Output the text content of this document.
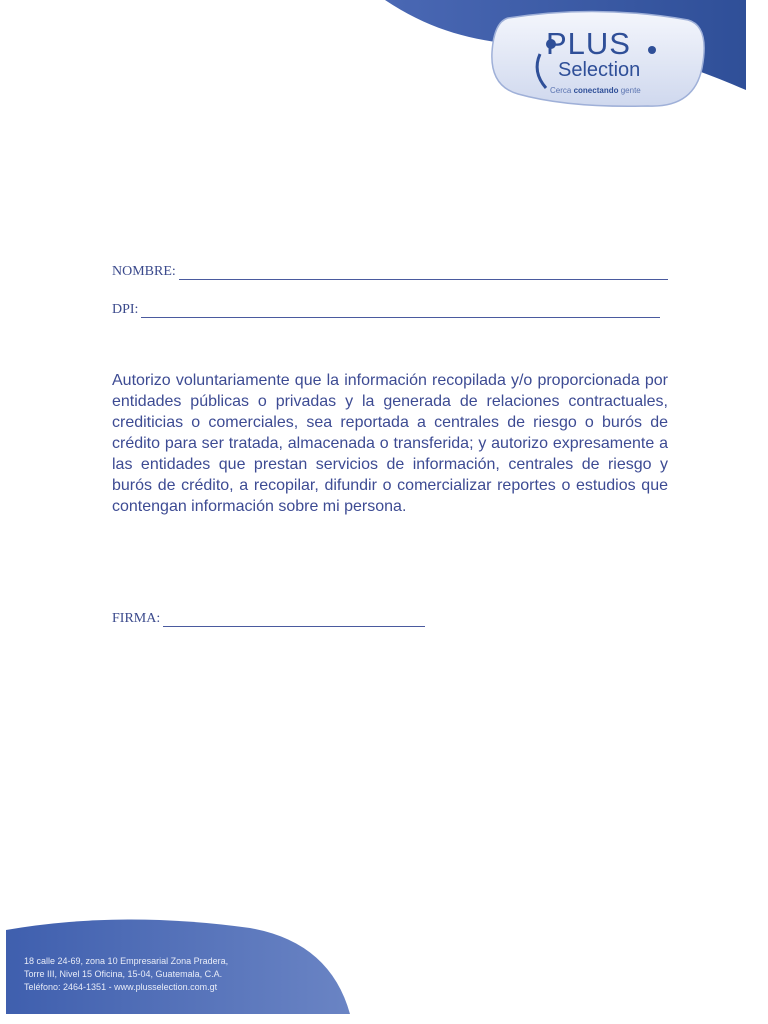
PLUS
Selection
Cerca conectando gente
NOMBRE:
DPI:

Autorizo voluntariamente que la información recopilada y/o proporcionada por entidades públicas o privadas y la generada de relaciones contractuales, crediticias o comerciales, sea reportada a centrales de riesgo o burós de crédito para ser tratada, almacenada o transferida; y autorizo expresamente a las entidades que prestan servicios de información, centrales de riesgo y burós de crédito, a recopilar, difundir o comercializar reportes o estudios que contengan información sobre mi persona.

FIRMA:
18 calle 24-69, zona 10 Empresarial Zona Pradera,
Torre III, Nivel 15 Oficina, 15-04, Guatemala, C.A.
Teléfono: 2464-1351 - www.plusselection.com.gt
